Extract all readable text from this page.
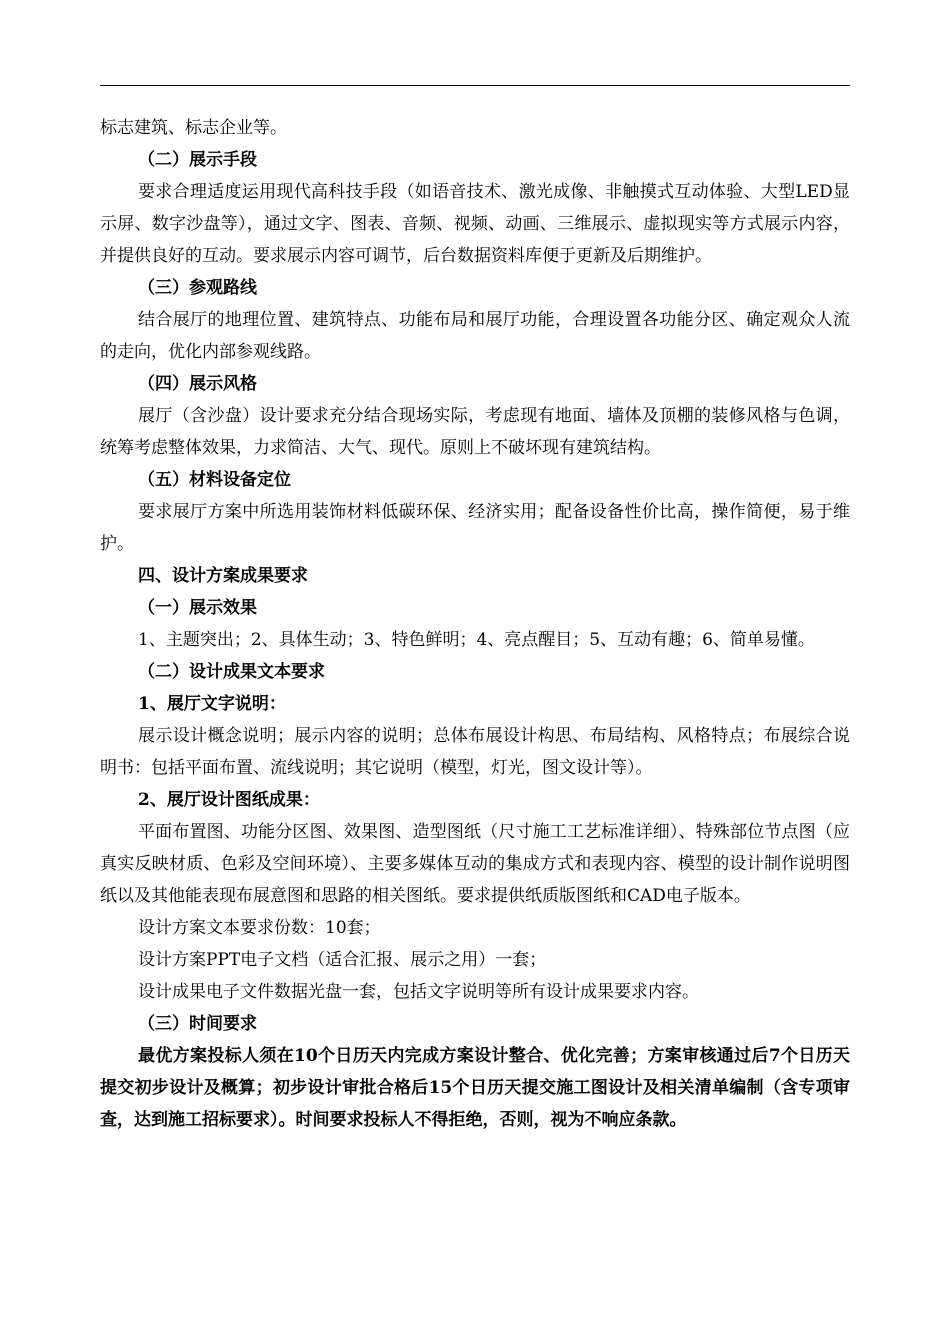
标志建筑、标志企业等。

（二）展示手段

要求合理适度运用现代高科技手段（如语音技术、激光成像、非触摸式互动体验、大型LED显示屏、数字沙盘等），通过文字、图表、音频、视频、动画、三维展示、虚拟现实等方式展示内容，并提供良好的互动。要求展示内容可调节，后台数据资料库便于更新及后期维护。

（三）参观路线

结合展厅的地理位置、建筑特点、功能布局和展厅功能，合理设置各功能分区、确定观众人流的走向，优化内部参观线路。

（四）展示风格

展厅（含沙盘）设计要求充分结合现场实际，考虑现有地面、墙体及顶棚的装修风格与色调，统筹考虑整体效果，力求简洁、大气、现代。原则上不破坏现有建筑结构。

（五）材料设备定位

要求展厅方案中所选用装饰材料低碳环保、经济实用；配备设备性价比高，操作简便，易于维护。

四、设计方案成果要求

（一）展示效果

1、主题突出；2、具体生动；3、特色鲜明；4、亮点醒目；5、互动有趣；6、简单易懂。

（二）设计成果文本要求

1、展厅文字说明：

展示设计概念说明；展示内容的说明；总体布展设计构思、布局结构、风格特点；布展综合说明书：包括平面布置、流线说明；其它说明（模型，灯光，图文设计等）。

2、展厅设计图纸成果：

平面布置图、功能分区图、效果图、造型图纸（尺寸施工工艺标准详细）、特殊部位节点图（应真实反映材质、色彩及空间环境）、主要多媒体互动的集成方式和表现内容、模型的设计制作说明图纸以及其他能表现布展意图和思路的相关图纸。要求提供纸质版图纸和CAD电子版本。

设计方案文本要求份数：10套；

设计方案PPT电子文档（适合汇报、展示之用）一套；

设计成果电子文件数据光盘一套，包括文字说明等所有设计成果要求内容。

（三）时间要求

最优方案投标人须在10个日历天内完成方案设计整合、优化完善；方案审核通过后7个日历天提交初步设计及概算；初步设计审批合格后15个日历天提交施工图设计及相关清单编制（含专项审查，达到施工招标要求）。时间要求投标人不得拒绝，否则，视为不响应条款。
